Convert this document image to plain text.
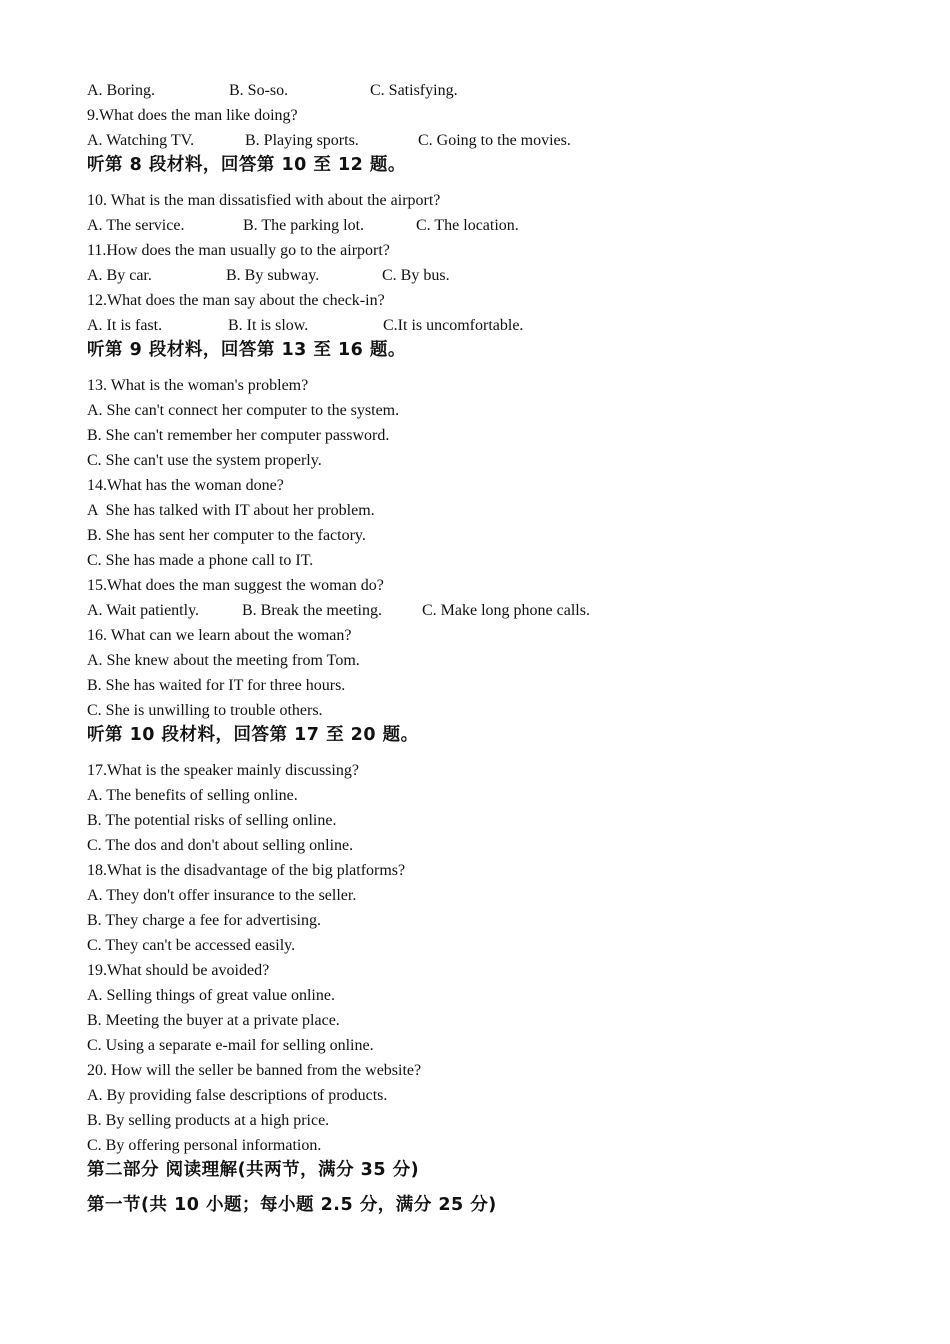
A. Boring.	B. So-so.	C. Satisfying.
9.What does the man like doing?
A. Watching TV.	B. Playing sports.	C. Going to the movies.
听第 8 段材料，回答第 10 至 12 题。
10. What is the man dissatisfied with about the airport?
A. The service.	B. The parking lot.	C. The location.
11.How does the man usually go to the airport?
A. By car.	B. By subway.	C. By bus.
12.What does the man say about the check-in?
A. It is fast.	B. It is slow.	C.It is uncomfortable.
听第 9 段材料，回答第 13 至 16 题。
13. What is the woman's problem?
A. She can't connect her computer to the system.
B. She can't remember her computer password.
C. She can't use the system properly.
14.What has the woman done?
A  She has talked with IT about her problem.
B. She has sent her computer to the factory.
C. She has made a phone call to IT.
15.What does the man suggest the woman do?
A. Wait patiently.	B. Break the meeting.	C. Make long phone calls.
16. What can we learn about the woman?
A. She knew about the meeting from Tom.
B. She has waited for IT for three hours.
C. She is unwilling to trouble others.
听第 10 段材料，回答第 17 至 20 题。
17.What is the speaker mainly discussing?
A. The benefits of selling online.
B. The potential risks of selling online.
C. The dos and don't about selling online.
18.What is the disadvantage of the big platforms?
A. They don't offer insurance to the seller.
B. They charge a fee for advertising.
C. They can't be accessed easily.
19.What should be avoided?
A. Selling things of great value online.
B. Meeting the buyer at a private place.
C. Using a separate e-mail for selling online.
20. How will the seller be banned from the website?
A. By providing false descriptions of products.
B. By selling products at a high price.
C. By offering personal information.
第二部分 阅读理解(共两节，满分 35 分)
第一节(共 10 小题；每小题 2.5 分，满分 25 分)
